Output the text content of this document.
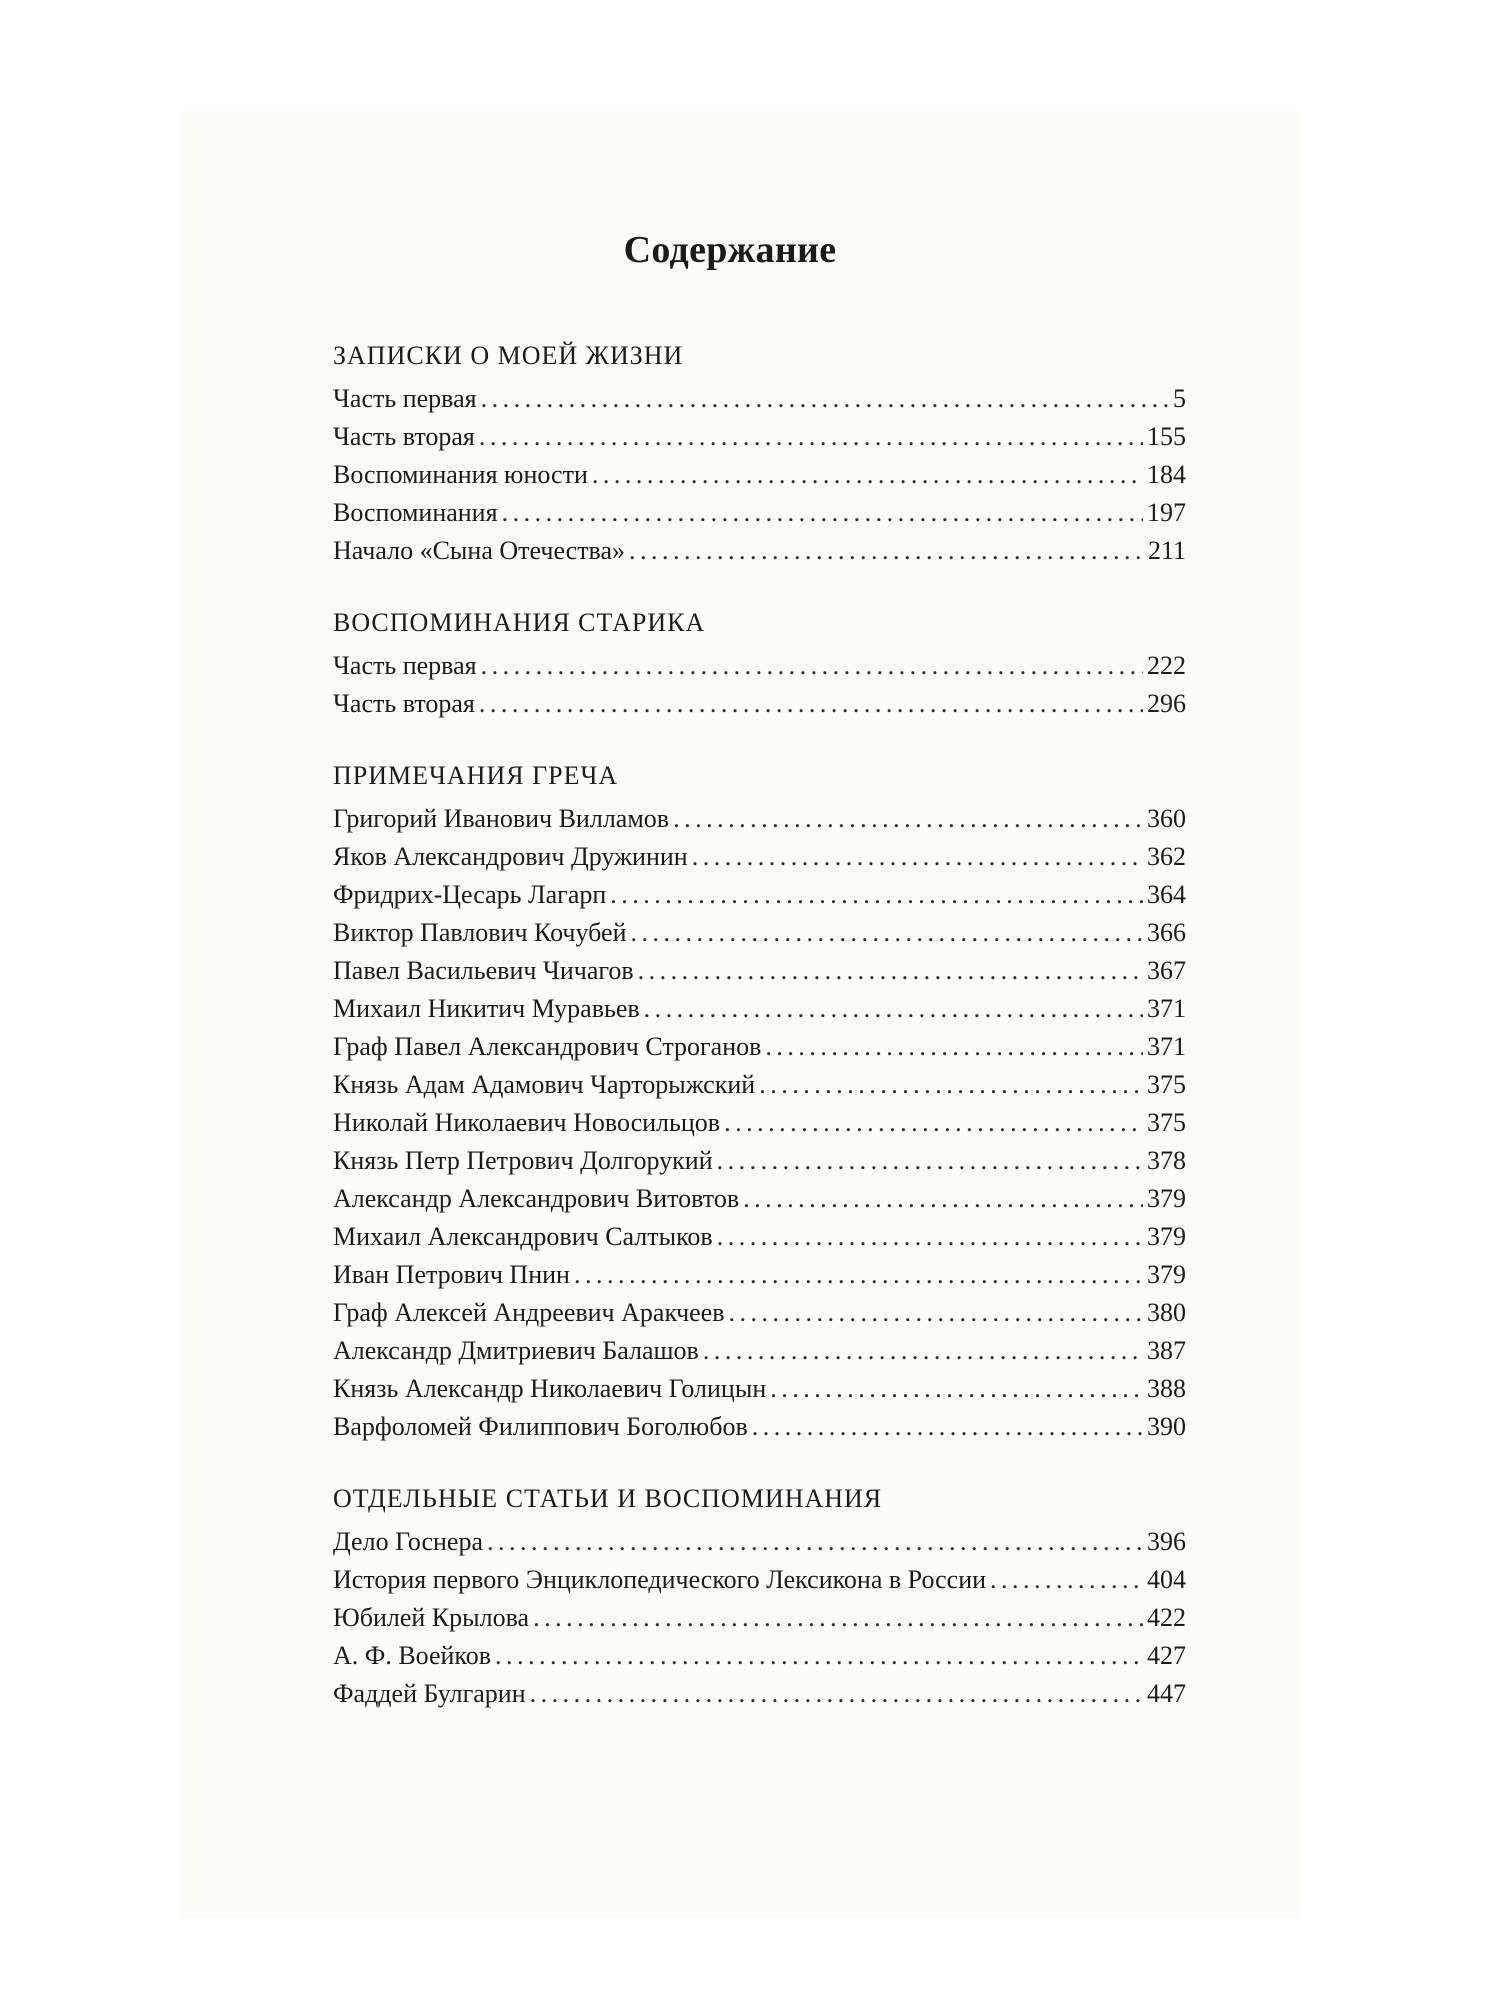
Содержание
ЗАПИСКИ О МОЕЙ ЖИЗНИ
Часть первая . . .	5
Часть вторая . . .	155
Воспоминания юности . . .	184
Воспоминания . . .	197
Начало «Сына Отечества» . . .	211
ВОСПОМИНАНИЯ СТАРИКА
Часть первая . . .	222
Часть вторая . . .	296
ПРИМЕЧАНИЯ ГРЕЧА
Григорий Иванович Вилламов . . .	360
Яков Александрович Дружинин . . .	362
Фридрих-Цесарь Лагарп . . .	364
Виктор Павлович Кочубей . . .	366
Павел Васильевич Чичагов . . .	367
Михаил Никитич Муравьев . . .	371
Граф Павел Александрович Строганов . . .	371
Князь Адам Адамович Чарторыжский . . .	375
Николай Николаевич Новосильцов . . .	375
Князь Петр Петрович Долгорукий . . .	378
Александр Александрович Витовтов . . .	379
Михаил Александрович Салтыков . . .	379
Иван Петрович Пнин . . .	379
Граф Алексей Андреевич Аракчеев . . .	380
Александр Дмитриевич Балашов . . .	387
Князь Александр Николаевич Голицын . . .	388
Варфоломей Филиппович Боголюбов . . .	390
ОТДЕЛЬНЫЕ СТАТЬИ И ВОСПОМИНАНИЯ
Дело Госнера . . .	396
История первого Энциклопедического Лексикона в России . . .	404
Юбилей Крылова . . .	422
А. Ф. Воейков . . .	427
Фаддей Булгарин . . .	447
